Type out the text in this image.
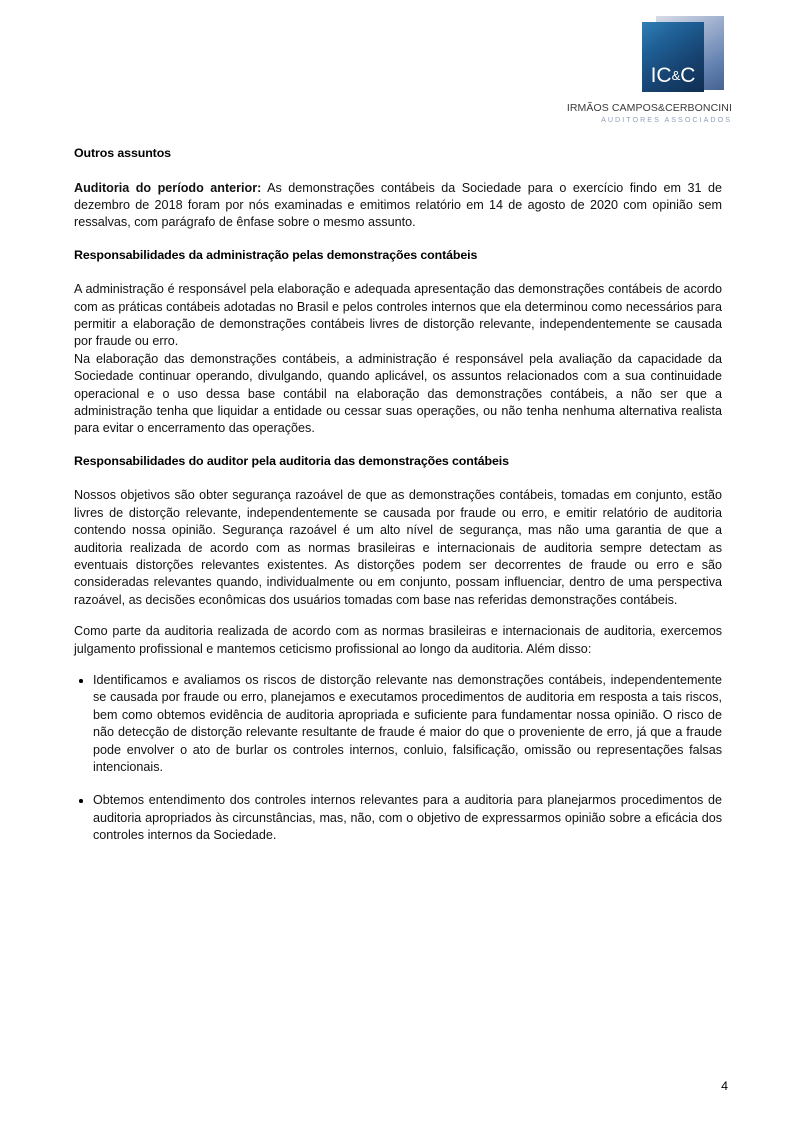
IC&C
IRMÃOS CAMPOS&CERBONCINI
AUDITORES ASSOCIADOS
Outros assuntos

Auditoria do período anterior: As demonstrações contábeis da Sociedade para o exercício findo em 31 de dezembro de 2018 foram por nós examinadas e emitimos relatório em 14 de agosto de 2020 com opinião sem ressalvas, com parágrafo de ênfase sobre o mesmo assunto.

Responsabilidades da administração pelas demonstrações contábeis

A administração é responsável pela elaboração e adequada apresentação das demonstrações contábeis de acordo com as práticas contábeis adotadas no Brasil e pelos controles internos que ela determinou como necessários para permitir a elaboração de demonstrações contábeis livres de distorção relevante, independentemente se causada por fraude ou erro.

Na elaboração das demonstrações contábeis, a administração é responsável pela avaliação da capacidade da Sociedade continuar operando, divulgando, quando aplicável, os assuntos relacionados com a sua continuidade operacional e o uso dessa base contábil na elaboração das demonstrações contábeis, a não ser que a administração tenha que liquidar a entidade ou cessar suas operações, ou não tenha nenhuma alternativa realista para evitar o encerramento das operações.

Responsabilidades do auditor pela auditoria das demonstrações contábeis

Nossos objetivos são obter segurança razoável de que as demonstrações contábeis, tomadas em conjunto, estão livres de distorção relevante, independentemente se causada por fraude ou erro, e emitir relatório de auditoria contendo nossa opinião. Segurança razoável é um alto nível de segurança, mas não uma garantia de que a auditoria realizada de acordo com as normas brasileiras e internacionais de auditoria sempre detectam as eventuais distorções relevantes existentes. As distorções podem ser decorrentes de fraude ou erro e são consideradas relevantes quando, individualmente ou em conjunto, possam influenciar, dentro de uma perspectiva razoável, as decisões econômicas dos usuários tomadas com base nas referidas demonstrações contábeis.

Como parte da auditoria realizada de acordo com as normas brasileiras e internacionais de auditoria, exercemos julgamento profissional e mantemos ceticismo profissional ao longo da auditoria. Além disso:

Identificamos e avaliamos os riscos de distorção relevante nas demonstrações contábeis, independentemente se causada por fraude ou erro, planejamos e executamos procedimentos de auditoria em resposta a tais riscos, bem como obtemos evidência de auditoria apropriada e suficiente para fundamentar nossa opinião. O risco de não detecção de distorção relevante resultante de fraude é maior do que o proveniente de erro, já que a fraude pode envolver o ato de burlar os controles internos, conluio, falsificação, omissão ou representações falsas intencionais.
Obtemos entendimento dos controles internos relevantes para a auditoria para planejarmos procedimentos de auditoria apropriados às circunstâncias, mas, não, com o objetivo de expressarmos opinião sobre a eficácia dos controles internos da Sociedade.
4
